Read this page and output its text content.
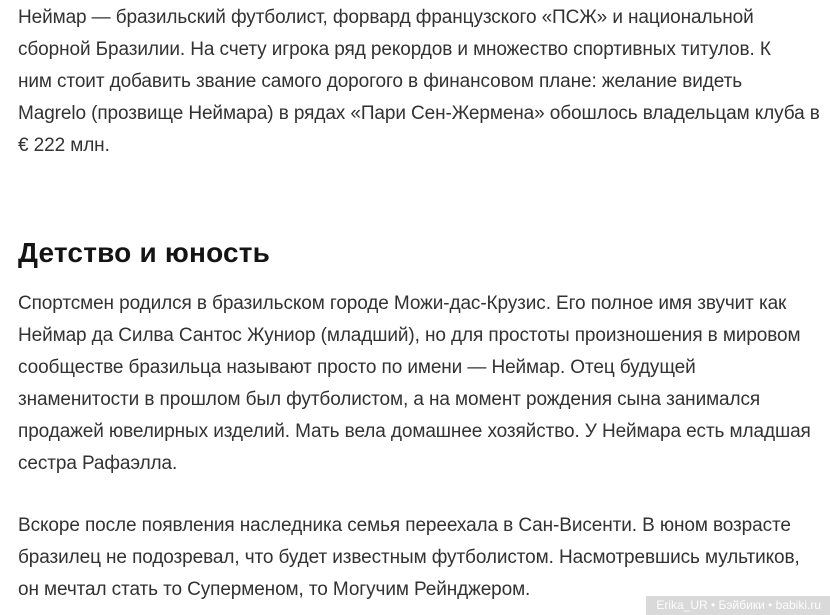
Неймар — бразильский футболист, форвард французского «ПСЖ» и национальной
сборной Бразилии. На счету игрока ряд рекордов и множество спортивных титулов. К
ним стоит добавить звание самого дорогого в финансовом плане: желание видеть
Magrelo (прозвище Неймара) в рядах «Пари Сен-Жермена» обошлось владельцам клуба в
€ 222 млн.
Детство и юность
Спортсмен родился в бразильском городе Можи-дас-Крузис. Его полное имя звучит как
Неймар да Силва Сантос Жуниор (младший), но для простоты произношения в мировом
сообществе бразильца называют просто по имени — Неймар. Отец будущей
знаменитости в прошлом был футболистом, а на момент рождения сына занимался
продажей ювелирных изделий. Мать вела домашнее хозяйство. У Неймара есть младшая
сестра Рафаэлла.
Вскоре после появления наследника семья переехала в Сан-Висенти. В юном возрасте
бразилец не подозревал, что будет известным футболистом. Насмотревшись мультиков,
он мечтал стать то Суперменом, то Могучим Рейнджером.
Erika_UR • Бэйбики • babiki.ru
